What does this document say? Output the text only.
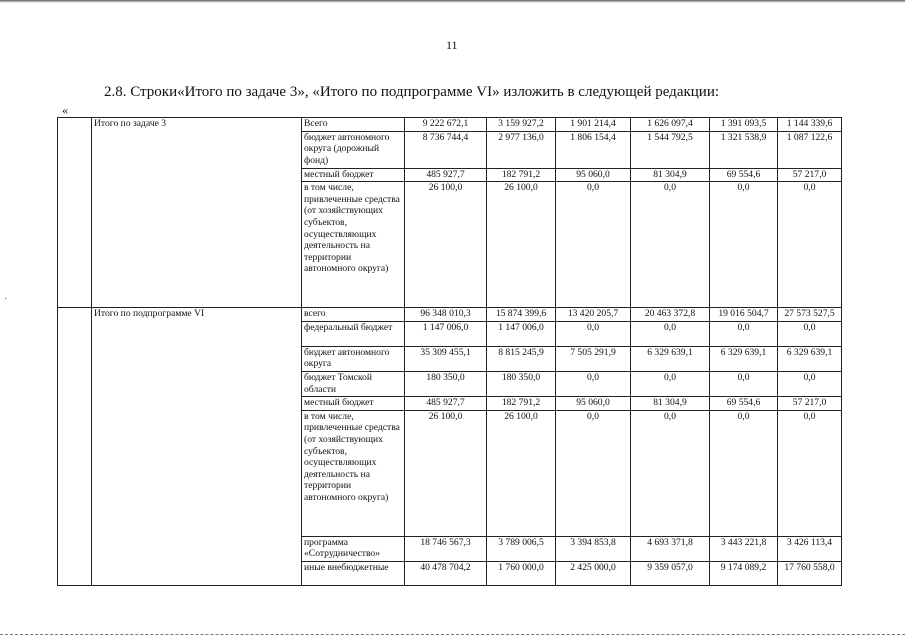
11
2.8. Строки«Итого по задаче 3», «Итого по подпрограмме VI» изложить в следующей редакции:
«
·
	Итого по задаче 3	Всего	9 222 672,1	3 159 927,2	1 901 214,4	1 626 097,4	1 391 093,5	1 144 339,6
		бюджет автономного округа (дорожный фонд)	8 736 744,4	2 977 136,0	1 806 154,4	1 544 792,5	1 321 538,9	1 087 122,6
		местный бюджет	485 927,7	182 791,2	95 060,0	81 304,9	69 554,6	57 217,0
		в том числе, привлеченные средства (от хозяйствующих субъектов, осуществляющих деятельность на территории автономного округа)	26 100,0	26 100,0	0,0	0,0	0,0	0,0
	Итого по подпрограмме VI	всего	96 348 010,3	15 874 399,6	13 420 205,7	20 463 372,8	19 016 504,7	27 573 527,5
		федеральный бюджет	1 147 006,0	1 147 006,0	0,0	0,0	0,0	0,0
		бюджет автономного округа	35 309 455,1	8 815 245,9	7 505 291,9	6 329 639,1	6 329 639,1	6 329 639,1
		бюджет Томской области	180 350,0	180 350,0	0,0	0,0	0,0	0,0
		местный бюджет	485 927,7	182 791,2	95 060,0	81 304,9	69 554,6	57 217,0
		в том числе, привлеченные средства (от хозяйствующих субъектов, осуществляющих деятельность на территории автономного округа)	26 100,0	26 100,0	0,0	0,0	0,0	0,0
		программа «Сотрудничество»	18 746 567,3	3 789 006,5	3 394 853,8	4 693 371,8	3 443 221,8	3 426 113,4
		иные внебюджетные	40 478 704,2	1 760 000,0	2 425 000,0	9 359 057,0	9 174 089,2	17 760 558,0
